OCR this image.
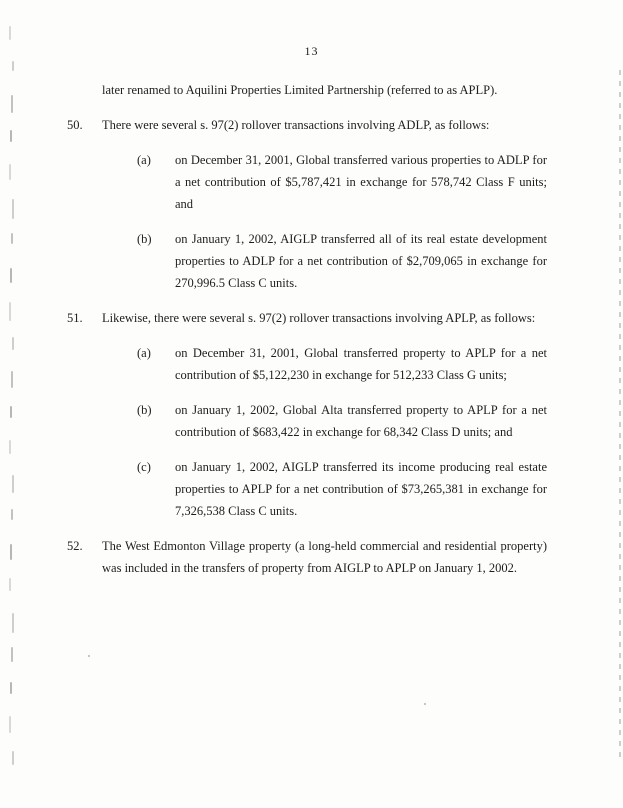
13
later renamed to Aquilini Properties Limited Partnership (referred to as APLP).
50.	There were several s. 97(2) rollover transactions involving ADLP, as follows:
(a)	on December 31, 2001, Global transferred various properties to ADLP for a net contribution of $5,787,421 in exchange for 578,742 Class F units; and
(b)	on January 1, 2002, AIGLP transferred all of its real estate development properties to ADLP for a net contribution of $2,709,065 in exchange for 270,996.5 Class C units.
51.	Likewise, there were several s. 97(2) rollover transactions involving APLP, as follows:
(a)	on December 31, 2001, Global transferred property to APLP for a net contribution of $5,122,230 in exchange for 512,233 Class G units;
(b)	on January 1, 2002, Global Alta transferred property to APLP for a net contribution of $683,422 in exchange for 68,342 Class D units; and
(c)	on January 1, 2002, AIGLP transferred its income producing real estate properties to APLP for a net contribution of $73,265,381 in exchange for 7,326,538 Class C units.
52.	The West Edmonton Village property (a long-held commercial and residential property) was included in the transfers of property from AIGLP to APLP on January 1, 2002.
